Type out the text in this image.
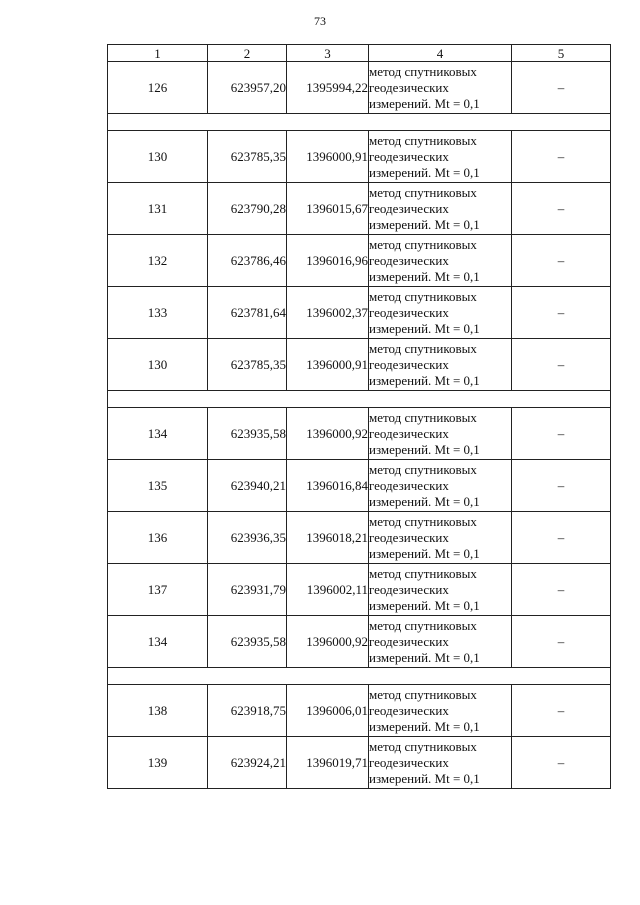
73
1	2	3	4	5
126	623957,20	1395994,22	метод спутниковых
геодезических
измерений. Mt = 0,1	–

130	623785,35	1396000,91	метод спутниковых
геодезических
измерений. Mt = 0,1	–
131	623790,28	1396015,67	метод спутниковых
геодезических
измерений. Mt = 0,1	–
132	623786,46	1396016,96	метод спутниковых
геодезических
измерений. Mt = 0,1	–
133	623781,64	1396002,37	метод спутниковых
геодезических
измерений. Mt = 0,1	–
130	623785,35	1396000,91	метод спутниковых
геодезических
измерений. Mt = 0,1	–

134	623935,58	1396000,92	метод спутниковых
геодезических
измерений. Mt = 0,1	–
135	623940,21	1396016,84	метод спутниковых
геодезических
измерений. Mt = 0,1	–
136	623936,35	1396018,21	метод спутниковых
геодезических
измерений. Mt = 0,1	–
137	623931,79	1396002,11	метод спутниковых
геодезических
измерений. Mt = 0,1	–
134	623935,58	1396000,92	метод спутниковых
геодезических
измерений. Mt = 0,1	–

138	623918,75	1396006,01	метод спутниковых
геодезических
измерений. Mt = 0,1	–
139	623924,21	1396019,71	метод спутниковых
геодезических
измерений. Mt = 0,1	–
